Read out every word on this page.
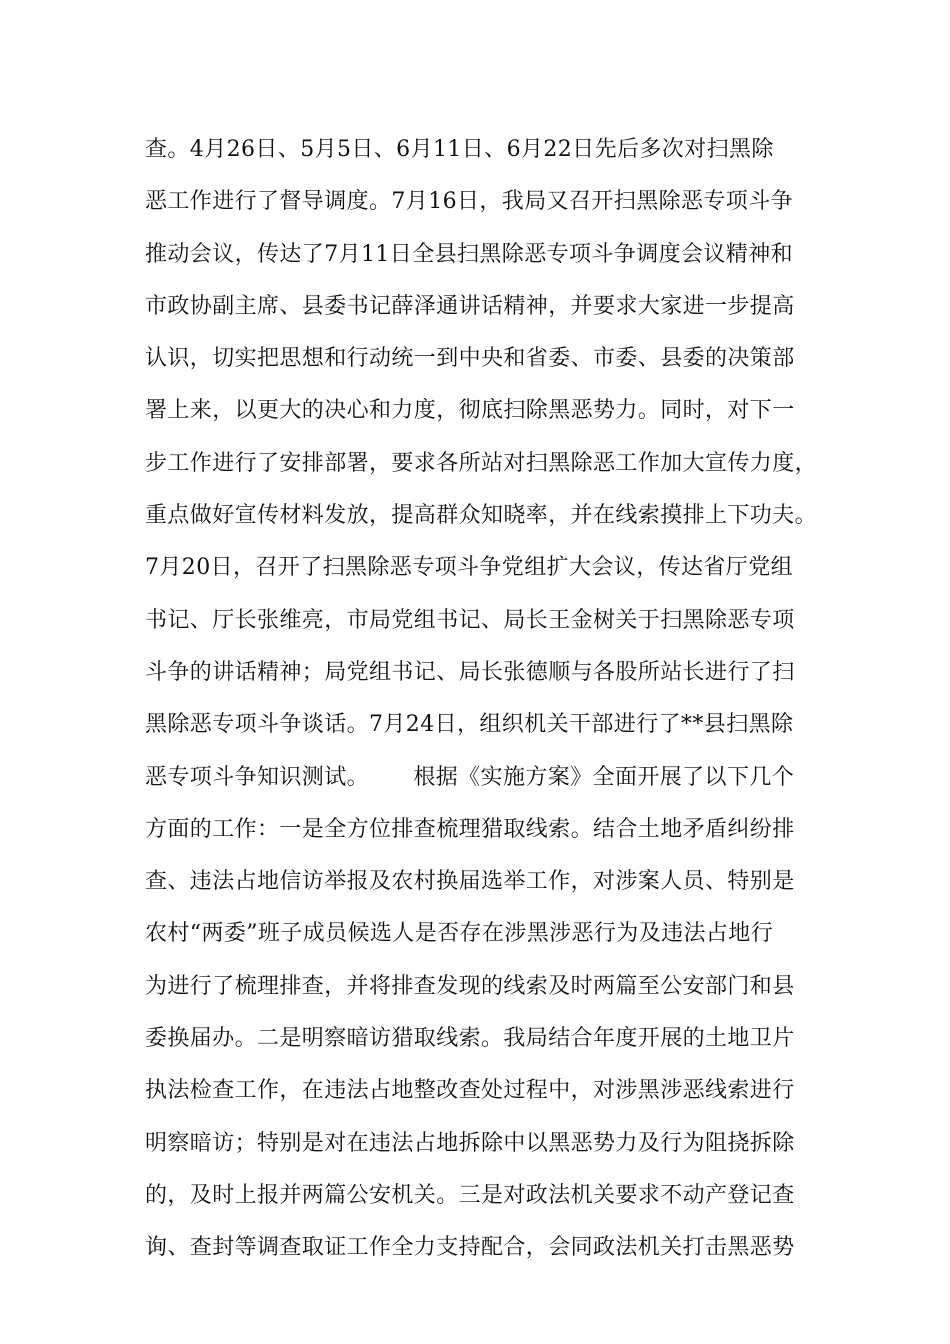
查。4月26日、5月5日、6月11日、6月22日先后多次对扫黑除
恶工作进行了督导调度。7月16日，我局又召开扫黑除恶专项斗争
推动会议，传达了7月11日全县扫黑除恶专项斗争调度会议精神和
市政协副主席、县委书记薛泽通讲话精神，并要求大家进一步提高
认识，切实把思想和行动统一到中央和省委、市委、县委的决策部
署上来，以更大的决心和力度，彻底扫除黑恶势力。同时，对下一
步工作进行了安排部署，要求各所站对扫黑除恶工作加大宣传力度，
重点做好宣传材料发放，提高群众知晓率，并在线索摸排上下功夫。
7月20日，召开了扫黑除恶专项斗争党组扩大会议，传达省厅党组
书记、厅长张维亮，市局党组书记、局长王金树关于扫黑除恶专项
斗争的讲话精神；局党组书记、局长张德顺与各股所站长进行了扫
黑除恶专项斗争谈话。7月24日，组织机关干部进行了**县扫黑除
恶专项斗争知识测试。      根据《实施方案》全面开展了以下几个
方面的工作：一是全方位排查梳理猎取线索。结合土地矛盾纠纷排
查、违法占地信访举报及农村换届选举工作，对涉案人员、特别是
农村“两委”班子成员候选人是否存在涉黑涉恶行为及违法占地行
为进行了梳理排查，并将排查发现的线索及时两篇至公安部门和县
委换届办。二是明察暗访猎取线索。我局结合年度开展的土地卫片
执法检查工作，在违法占地整改查处过程中，对涉黑涉恶线索进行
明察暗访；特别是对在违法占地拆除中以黑恶势力及行为阻挠拆除
的，及时上报并两篇公安机关。三是对政法机关要求不动产登记查
询、查封等调查取证工作全力支持配合，会同政法机关打击黑恶势
